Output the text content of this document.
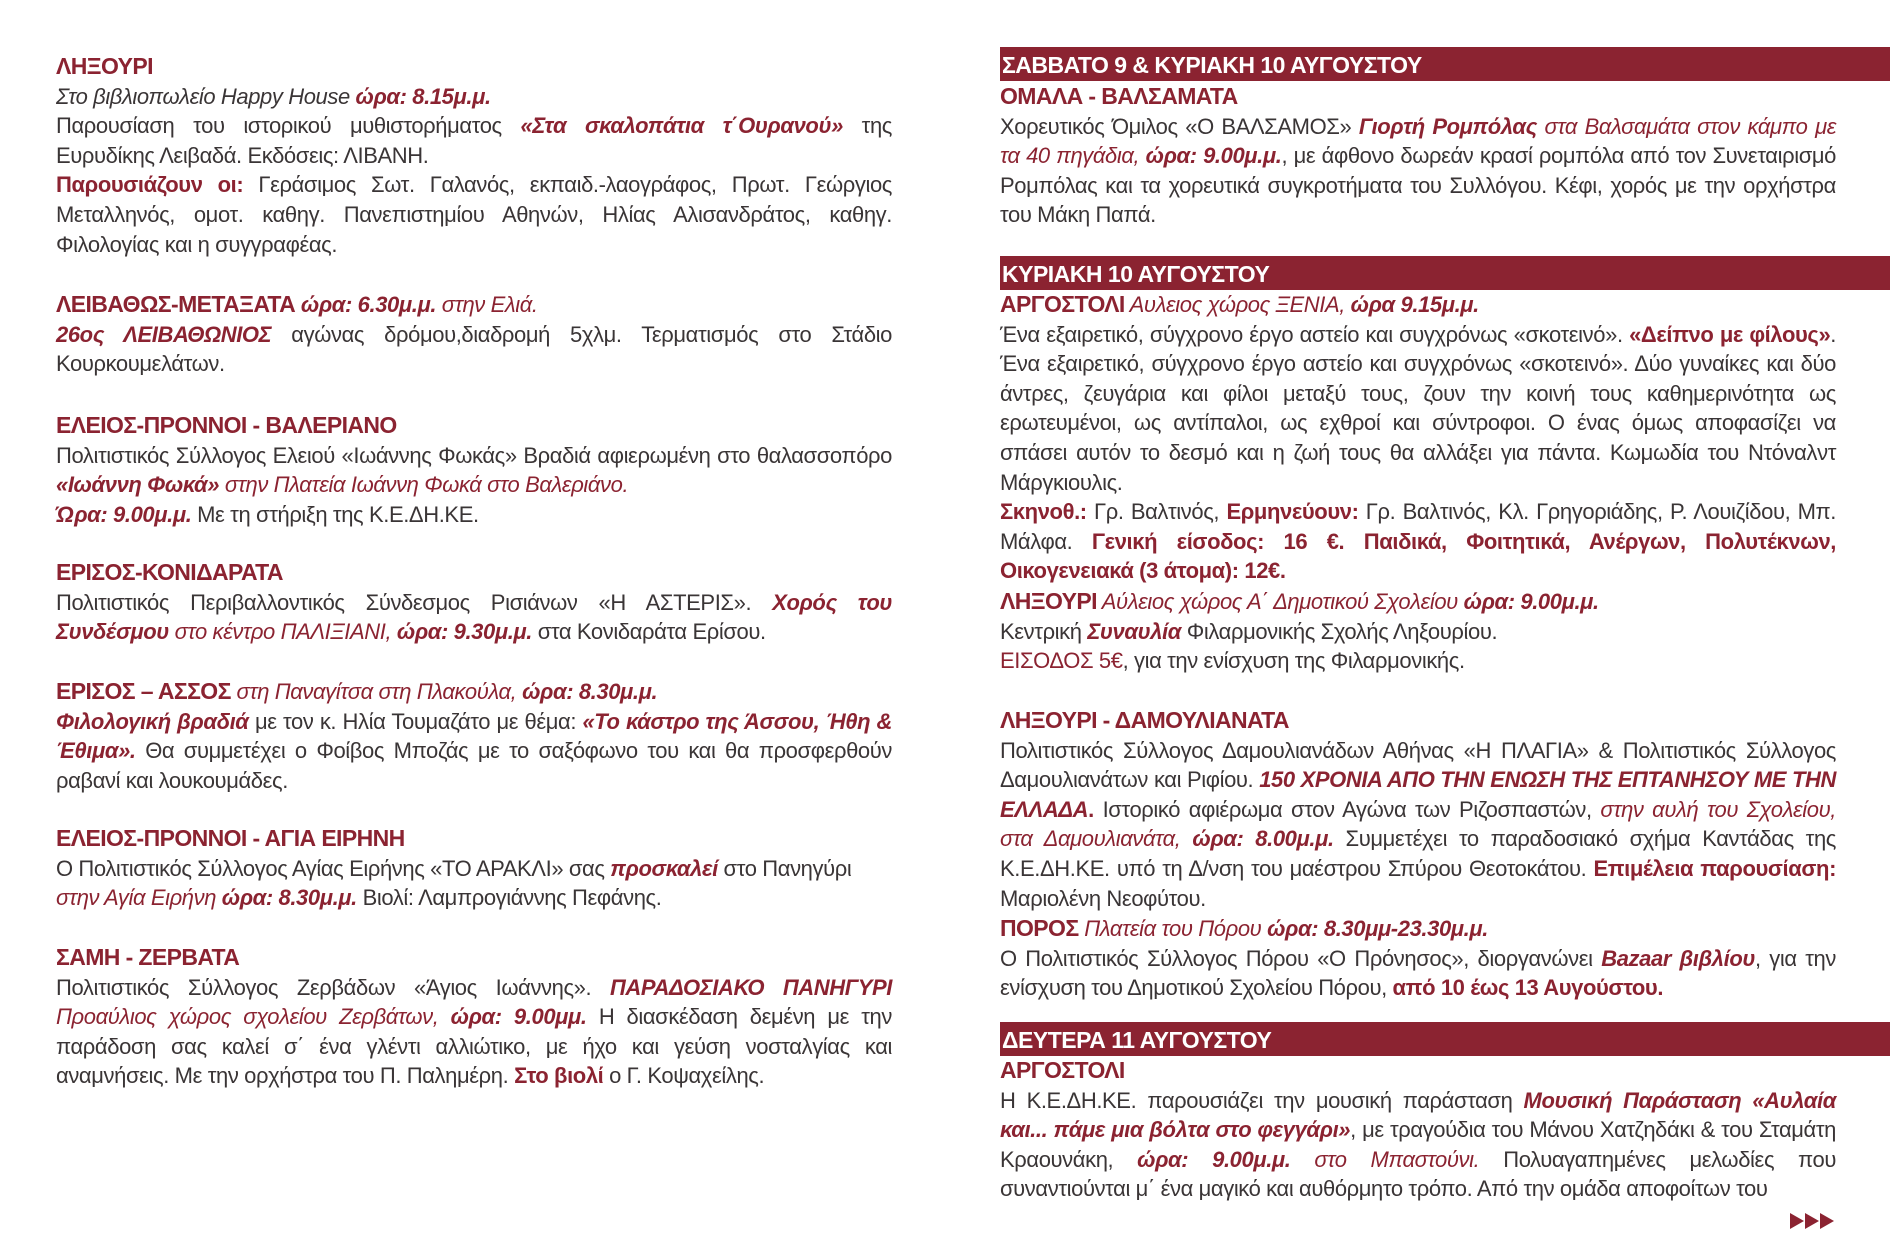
ΛΗΞΟΥΡΙ

Στο βιβλιοπωλείο Happy House ώρα: 8.15μ.μ.

Παρουσίαση του ιστορικού μυθιστορήματος «Στα σκαλοπάτια τ΄Ουρανού» της Ευρυδίκης Λειβαδά. Εκδόσεις: ΛΙΒΑΝΗ.

Παρουσιάζουν οι: Γεράσιμος Σωτ. Γαλανός, εκπαιδ.-λαογράφος, Πρωτ. Γεώργιος Μεταλληνός, ομοτ. καθηγ. Πανεπιστημίου Αθηνών, Ηλίας Αλισανδράτος, καθηγ. Φιλολογίας και η συγγραφέας.

ΛΕΙΒΑΘΩΣ-ΜΕΤΑΞΑΤΑ ώρα: 6.30μ.μ. στην Ελιά.

26ος ΛΕΙΒΑΘΩΝΙΟΣ αγώνας δρόμου,διαδρομή 5χλμ. Τερματισμός στο Στάδιο Κουρκουμελάτων.

ΕΛΕΙΟΣ-ΠΡΟΝΝΟΙ - ΒΑΛΕΡΙΑΝΟ

Πολιτιστικός Σύλλογος Ελειού «Ιωάννης Φωκάς» Βραδιά αφιερωμένη στο θαλασσοπόρο «Ιωάννη Φωκά» στην Πλατεία Ιωάννη Φωκά στο Βαλεριάνο.

Ώρα: 9.00μ.μ. Με τη στήριξη της Κ.Ε.ΔΗ.ΚΕ.

ΕΡΙΣΟΣ-ΚΟΝΙΔΑΡΑΤΑ

Πολιτιστικός Περιβαλλοντικός Σύνδεσμος Ρισιάνων «Η ΑΣΤΕΡΙΣ». Χορός του Συνδέσμου στο κέντρο ΠΑΛΙΞΙΑΝΙ, ώρα: 9.30μ.μ. στα Κονιδαράτα Ερίσου.

ΕΡΙΣΟΣ – ΑΣΣΟΣ στη Παναγίτσα στη Πλακούλα, ώρα: 8.30μ.μ.

Φιλολογική βραδιά με τον κ. Ηλία Τουμαζάτο με θέμα: «Το κάστρο της Άσσου, Ήθη & Έθιμα». Θα συμμετέχει ο Φοίβος Μποζάς με το σαξόφωνο του και θα προσφερθούν ραβανί και λουκουμάδες.

ΕΛΕΙΟΣ-ΠΡΟΝΝΟΙ - ΑΓΙΑ ΕΙΡΗΝΗ

Ο Πολιτιστικός Σύλλογος Αγίας Ειρήνης «ΤΟ ΑΡΑΚΛΙ» σας προσκαλεί στο Πανηγύρι

στην Αγία Ειρήνη ώρα: 8.30μ.μ. Βιολί: Λαμπρογιάννης Πεφάνης.

ΣΑΜΗ - ΖΕΡΒΑΤΑ

Πολιτιστικός Σύλλογος Ζερβάδων «Άγιος Ιωάννης». ΠΑΡΑΔΟΣΙΑΚΟ ΠΑΝΗΓΥΡΙ Προαύλιος χώρος σχολείου Ζερβάτων, ώρα: 9.00μμ. Η διασκέδαση δεμένη με την παράδοση σας καλεί σ΄ ένα γλέντι αλλιώτικο, με ήχο και γεύση νοσταλγίας και αναμνήσεις. Με την ορχήστρα του Π. Παλημέρη. Στο βιολί ο Γ. Κοψαχείλης.

ΣΑΒΒΑΤΟ 9 & ΚΥΡΙΑΚΗ 10 ΑΥΓΟΥΣΤΟΥ
ΟΜΑΛΑ - ΒΑΛΣΑΜΑΤΑ

Χορευτικός Όμιλος «Ο ΒΑΛΣΑΜΟΣ» Γιορτή Ρομπόλας στα Βαλσαμάτα στον κάμπο με τα 40 πηγάδια, ώρα: 9.00μ.μ., με άφθονο δωρεάν κρασί ρομπόλα από τον Συνεταιρισμό Ρομπόλας και τα χορευτικά συγκροτήματα του Συλλόγου. Κέφι, χορός με την ορχήστρα του Μάκη Παπά.

ΚΥΡΙΑΚΗ 10 ΑΥΓΟΥΣΤΟΥ
ΑΡΓΟΣΤΟΛΙ Αυλειος χώρος ΞΕΝΙΑ, ώρα 9.15μ.μ.

Ένα εξαιρετικό, σύγχρονο έργο αστείο και συγχρόνως «σκοτεινό». «Δείπνο με φίλους». Ένα εξαιρετικό, σύγχρονο έργο αστείο και συγχρόνως «σκοτεινό». Δύο γυναίκες και δύο άντρες, ζευγάρια και φίλοι μεταξύ τους, ζουν την κοινή τους καθημερινότητα ως ερωτευμένοι, ως αντίπαλοι, ως εχθροί και σύντροφοι. Ο ένας όμως αποφασίζει να σπάσει αυτόν το δεσμό και η ζωή τους θα αλλάξει για πάντα. Κωμωδία του Ντόναλντ Μάργκιουλις.

Σκηνοθ.: Γρ. Βαλτινός, Ερμηνεύουν: Γρ. Βαλτινός, Κλ. Γρηγοριάδης, Ρ. Λουιζίδου, Μπ. Μάλφα. Γενική είσοδος: 16 €. Παιδικά, Φοιτητικά, Ανέργων, Πολυτέκνων, Οικογενειακά (3 άτομα): 12€.

ΛΗΞΟΥΡΙ Αύλειος χώρος Α΄ Δημοτικού Σχολείου ώρα: 9.00μ.μ.

Κεντρική Συναυλία Φιλαρμονικής Σχολής Ληξουρίου.

ΕΙΣΟΔΟΣ 5€, για την ενίσχυση της Φιλαρμονικής.

ΛΗΞΟΥΡΙ - ΔΑΜΟΥΛΙΑΝΑΤΑ

Πολιτιστικός Σύλλογος Δαμουλιανάδων Αθήνας «Η ΠΛΑΓΙΑ» & Πολιτιστικός Σύλλογος Δαμουλιανάτων και Ριφίου. 150 ΧΡΟΝΙΑ ΑΠΟ ΤΗΝ ΕΝΩΣΗ ΤΗΣ ΕΠΤΑΝΗΣΟΥ ΜΕ ΤΗΝ ΕΛΛΑΔΑ. Ιστορικό αφιέρωμα στον Αγώνα των Ριζοσπαστών, στην αυλή του Σχολείου, στα Δαμουλιανάτα, ώρα: 8.00μ.μ. Συμμετέχει το παραδοσιακό σχήμα Καντάδας της Κ.Ε.ΔΗ.ΚΕ. υπό τη Δ/νση του μαέστρου Σπύρου Θεοτοκάτου. Επιμέλεια παρουσίαση: Μαριολένη Νεοφύτου.

ΠΟΡΟΣ Πλατεία του Πόρου ώρα: 8.30μμ-23.30μ.μ.

Ο Πολιτιστικός Σύλλογος Πόρου «Ο Πρόνησος», διοργανώνει Bazaar βιβλίου, για την ενίσχυση του Δημοτικού Σχολείου Πόρου, από 10 έως 13 Αυγούστου.

ΔΕΥΤΕΡΑ 11 ΑΥΓΟΥΣΤΟΥ
ΑΡΓΟΣΤΟΛΙ

Η Κ.Ε.ΔΗ.ΚΕ. παρουσιάζει την μουσική παράσταση Μουσική Παράσταση «Αυλαία και... πάμε μια βόλτα στο φεγγάρι», με τραγούδια του Μάνου Χατζηδάκι & του Σταμάτη Κραουνάκη, ώρα: 9.00μ.μ. στο Μπαστούνι. Πολυαγαπημένες μελωδίες που συναντιούνται μ΄ ένα μαγικό και αυθόρμητο τρόπο. Από την ομάδα αποφοίτων του
